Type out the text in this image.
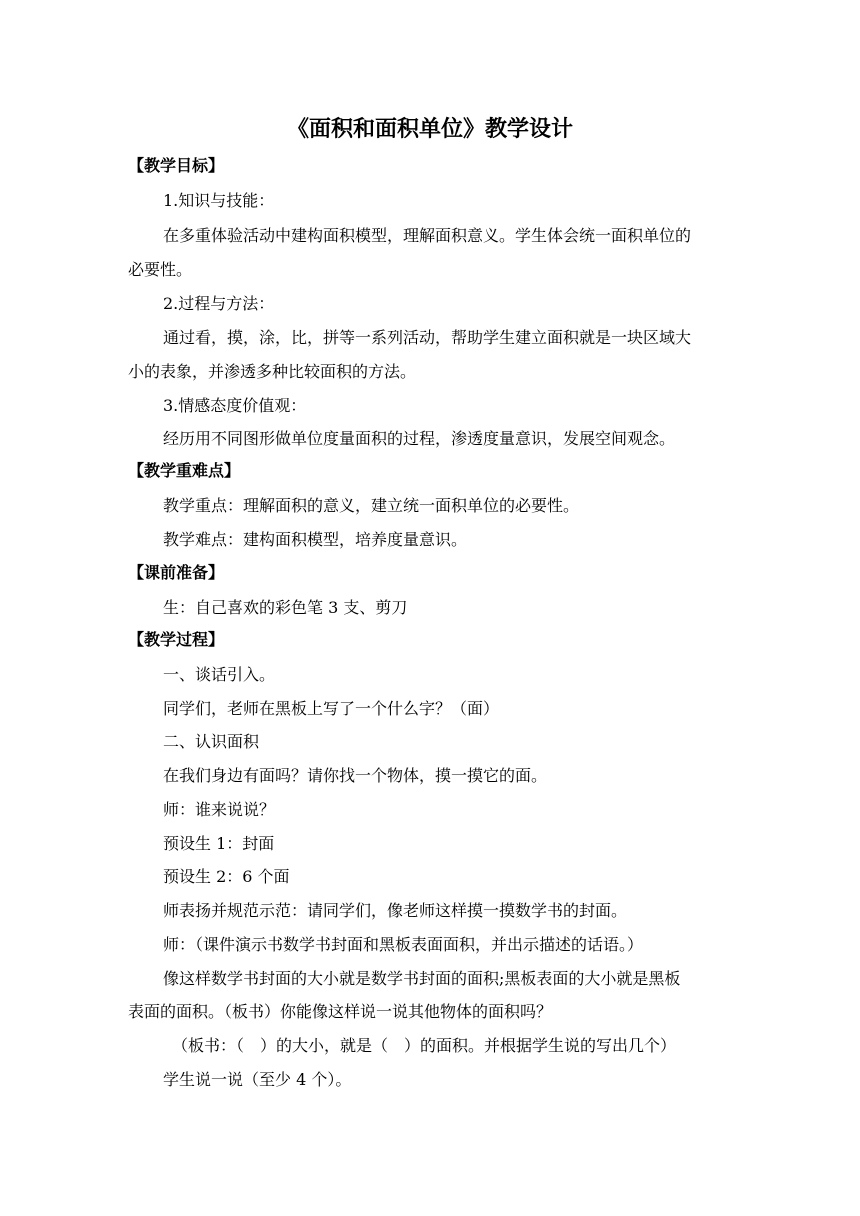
《面积和面积单位》教学设计
【教学目标】
1.知识与技能：
在多重体验活动中建构面积模型，理解面积意义。学生体会统一面积单位的
必要性。
2.过程与方法：
通过看，摸，涂，比，拼等一系列活动，帮助学生建立面积就是一块区域大
小的表象，并渗透多种比较面积的方法。
3.情感态度价值观：
经历用不同图形做单位度量面积的过程，渗透度量意识，发展空间观念。
【教学重难点】
教学重点：理解面积的意义，建立统一面积单位的必要性。
教学难点：建构面积模型，培养度量意识。
【课前准备】
生：自己喜欢的彩色笔 3 支、剪刀
【教学过程】
一、谈话引入。
同学们，老师在黑板上写了一个什么字？（面）
二、认识面积
在我们身边有面吗？请你找一个物体，摸一摸它的面。
师：谁来说说？
预设生 1：封面
预设生 2：6 个面
师表扬并规范示范：请同学们，像老师这样摸一摸数学书的封面。
师：（课件演示书数学书封面和黑板表面面积，并出示描述的话语。）
像这样数学书封面的大小就是数学书封面的面积;黑板表面的大小就是黑板
表面的面积。（板书）你能像这样说一说其他物体的面积吗？
（板书：（　）的大小，就是（　）的面积。并根据学生说的写出几个）
学生说一说（至少 4 个）。
